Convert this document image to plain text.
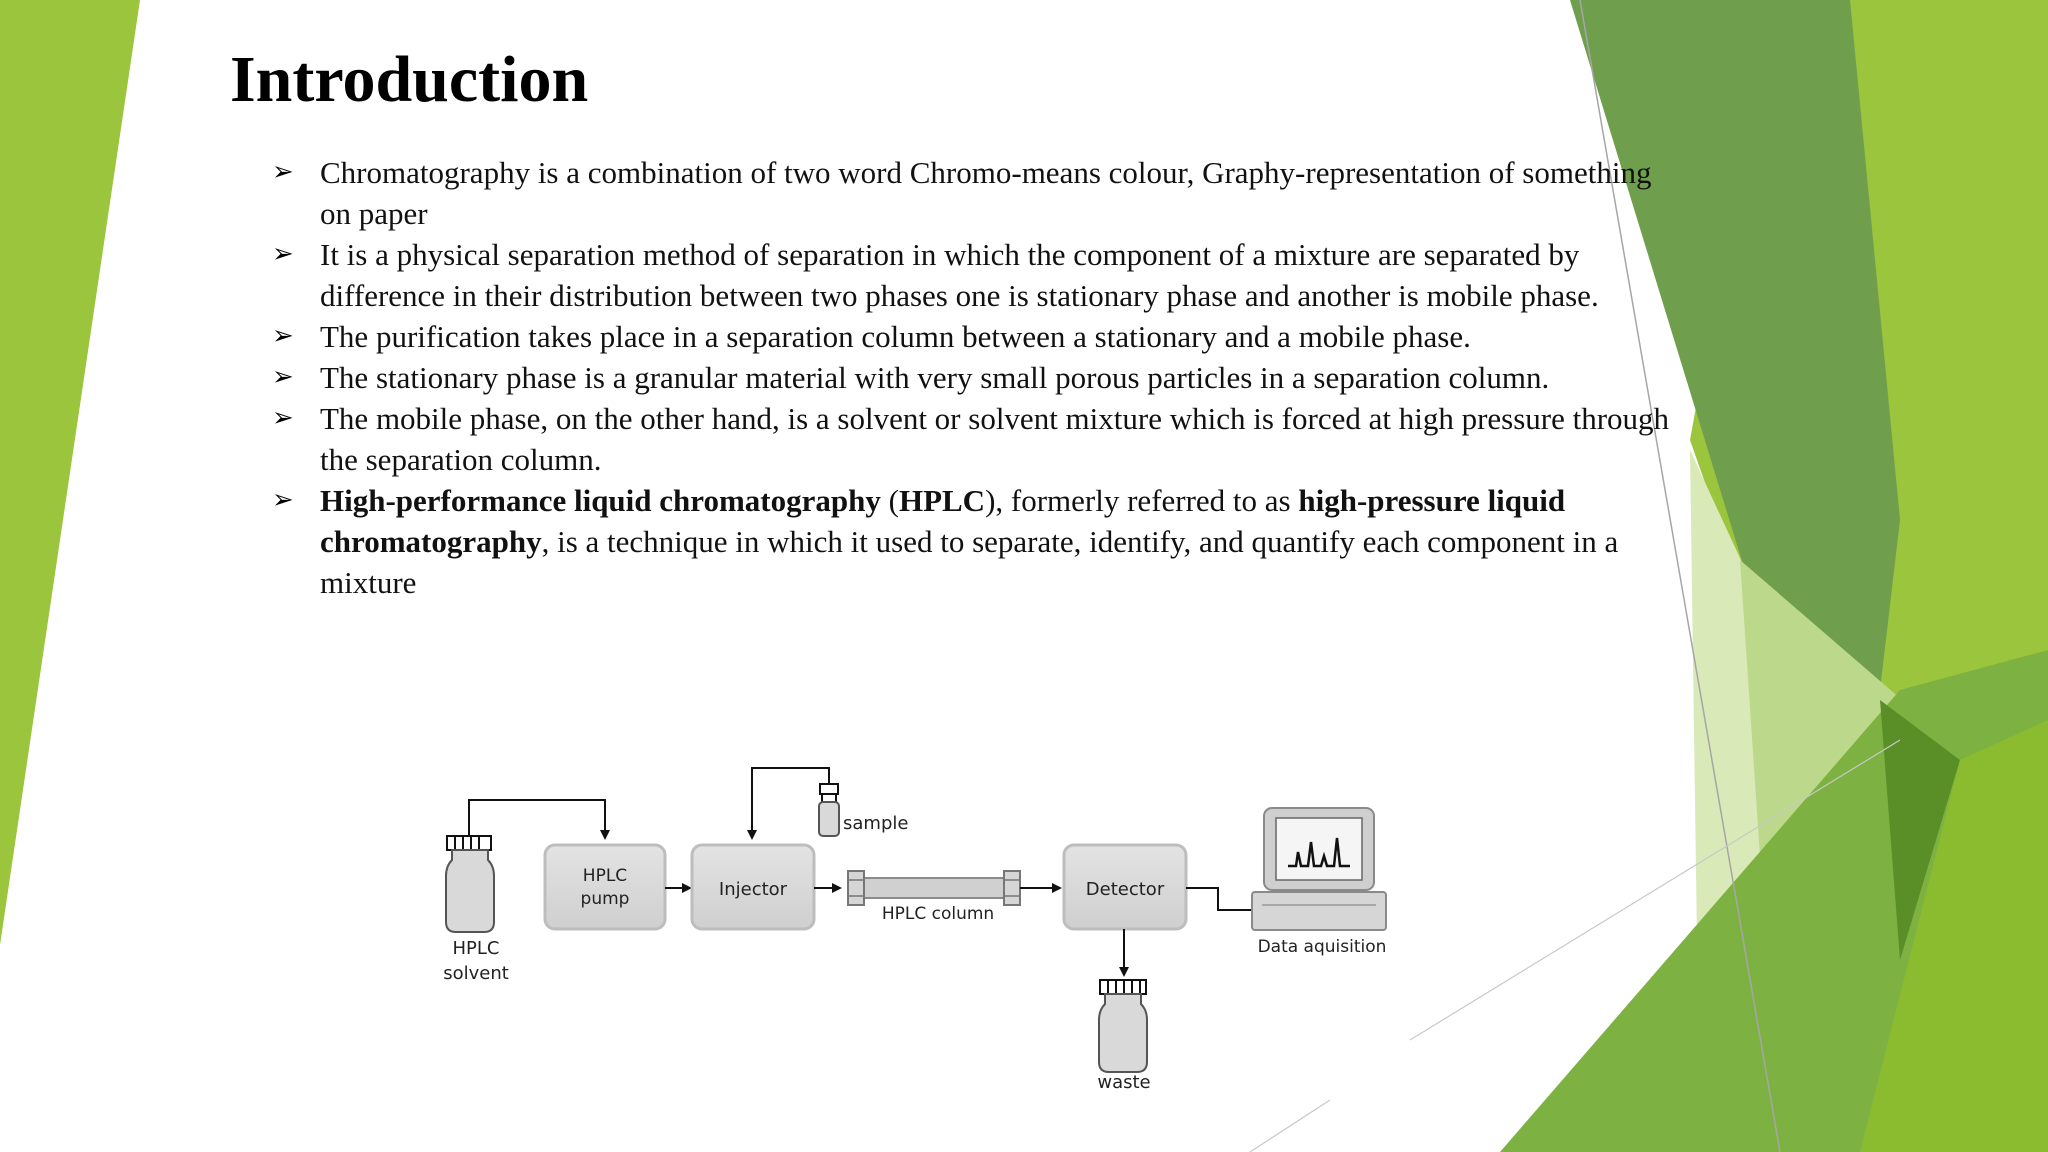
Introduction
➢ Chromatography is a combination of two word Chromo-means colour, Graphy-representation of something on paper
➢ It is a physical separation method of separation in which the component of a mixture are separated by difference in their distribution between two phases one is stationary phase and another is mobile phase.
➢ The purification takes place in a separation column between a stationary and a mobile phase.
➢ The stationary phase is a granular material with very small porous particles in a separation column.
➢ The mobile phase, on the other hand, is a solvent or solvent mixture which is forced at high pressure through the separation column.
➢ High-performance liquid chromatography (HPLC), formerly referred to as high-pressure liquid chromatography, is a technique in which it used to separate, identify, and quantify each component in a mixture
HPLC
solvent
HPLC
pump	Injector
sample
HPLC column
Detector
waste
Data aquisition
